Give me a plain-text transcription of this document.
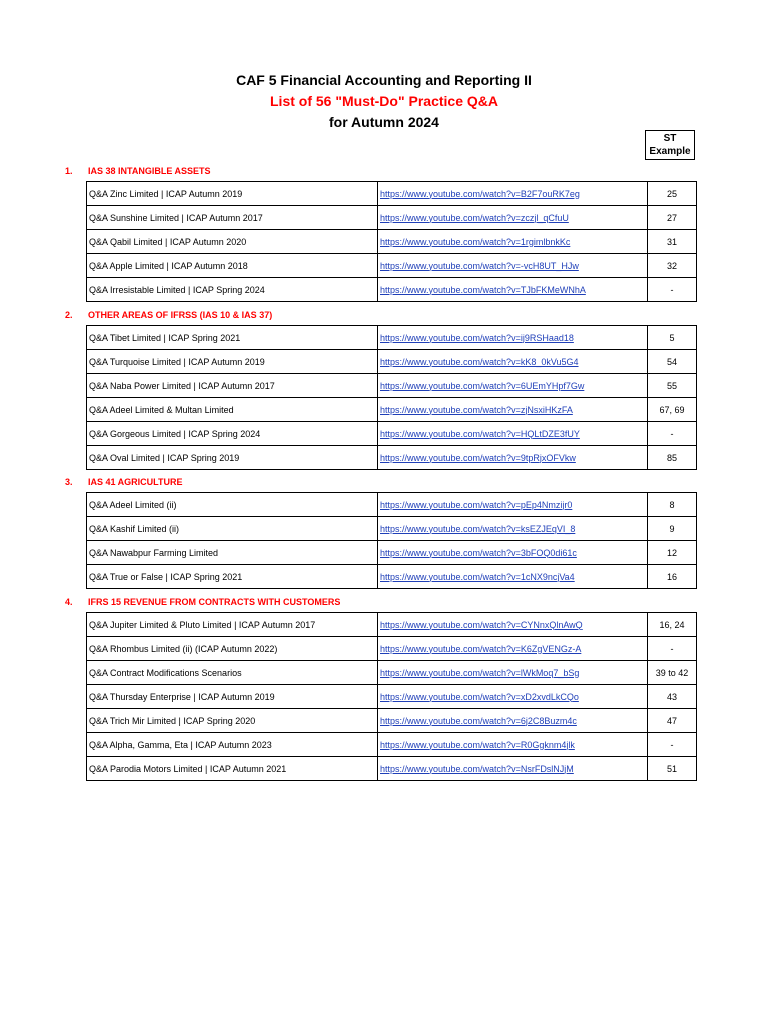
CAF 5 Financial Accounting and Reporting II
List of 56 "Must-Do" Practice Q&A
for Autumn 2024
ST
Example
1. IAS 38 INTANGIBLE ASSETS
Q&A Zinc Limited | ICAP Autumn 2019	https://www.youtube.com/watch?v=B2F7ouRK7eg	25
Q&A Sunshine Limited | ICAP Autumn 2017	https://www.youtube.com/watch?v=zczjl_qCfuU	27
Q&A Qabil Limited | ICAP Autumn 2020	https://www.youtube.com/watch?v=1rgimlbnkKc	31
Q&A Apple Limited | ICAP Autumn 2018	https://www.youtube.com/watch?v=-vcH8UT_HJw	32
Q&A Irresistable Limited | ICAP Spring 2024	https://www.youtube.com/watch?v=TJbFKMeWNhA	-
2. OTHER AREAS OF IFRSS (IAS 10 & IAS 37)
Q&A Tibet Limited | ICAP Spring 2021	https://www.youtube.com/watch?v=ij9RSHaad18	5
Q&A Turquoise Limited | ICAP Autumn 2019	https://www.youtube.com/watch?v=kK8_0kVu5G4	54
Q&A Naba Power Limited | ICAP Autumn 2017	https://www.youtube.com/watch?v=6UEmYHpf7Gw	55
Q&A Adeel Limited & Multan Limited	https://www.youtube.com/watch?v=zjNsxiHKzFA	67, 69
Q&A Gorgeous Limited | ICAP Spring 2024	https://www.youtube.com/watch?v=HQLtDZE3fUY	-
Q&A Oval Limited | ICAP Spring 2019	https://www.youtube.com/watch?v=9tpRjxOFVkw	85
3. IAS 41 AGRICULTURE
Q&A Adeel Limited (ii)	https://www.youtube.com/watch?v=pEp4Nmzijr0	8
Q&A Kashif Limited (ii)	https://www.youtube.com/watch?v=ksEZJEqVI_8	9
Q&A Nawabpur Farming Limited	https://www.youtube.com/watch?v=3bFOQ0di61c	12
Q&A True or False | ICAP Spring 2021	https://www.youtube.com/watch?v=1cNX9ncjVa4	16
4. IFRS 15 REVENUE FROM CONTRACTS WITH CUSTOMERS
Q&A Jupiter Limited & Pluto Limited | ICAP Autumn 2017	https://www.youtube.com/watch?v=CYNnxQlnAwQ	16, 24
Q&A Rhombus Limited (ii) (ICAP Autumn 2022)	https://www.youtube.com/watch?v=K6ZgVENGz-A	-
Q&A Contract Modifications Scenarios	https://www.youtube.com/watch?v=lWkMoq7_bSg	39 to 42
Q&A Thursday Enterprise | ICAP Autumn 2019	https://www.youtube.com/watch?v=xD2xvdLkCQo	43
Q&A Trich Mir Limited | ICAP Spring 2020	https://www.youtube.com/watch?v=6j2C8Buzm4c	47
Q&A Alpha, Gamma, Eta | ICAP Autumn 2023	https://www.youtube.com/watch?v=R0Ggknm4jlk	-
Q&A Parodia Motors Limited | ICAP Autumn 2021	https://www.youtube.com/watch?v=NsrFDslNJjM	51
